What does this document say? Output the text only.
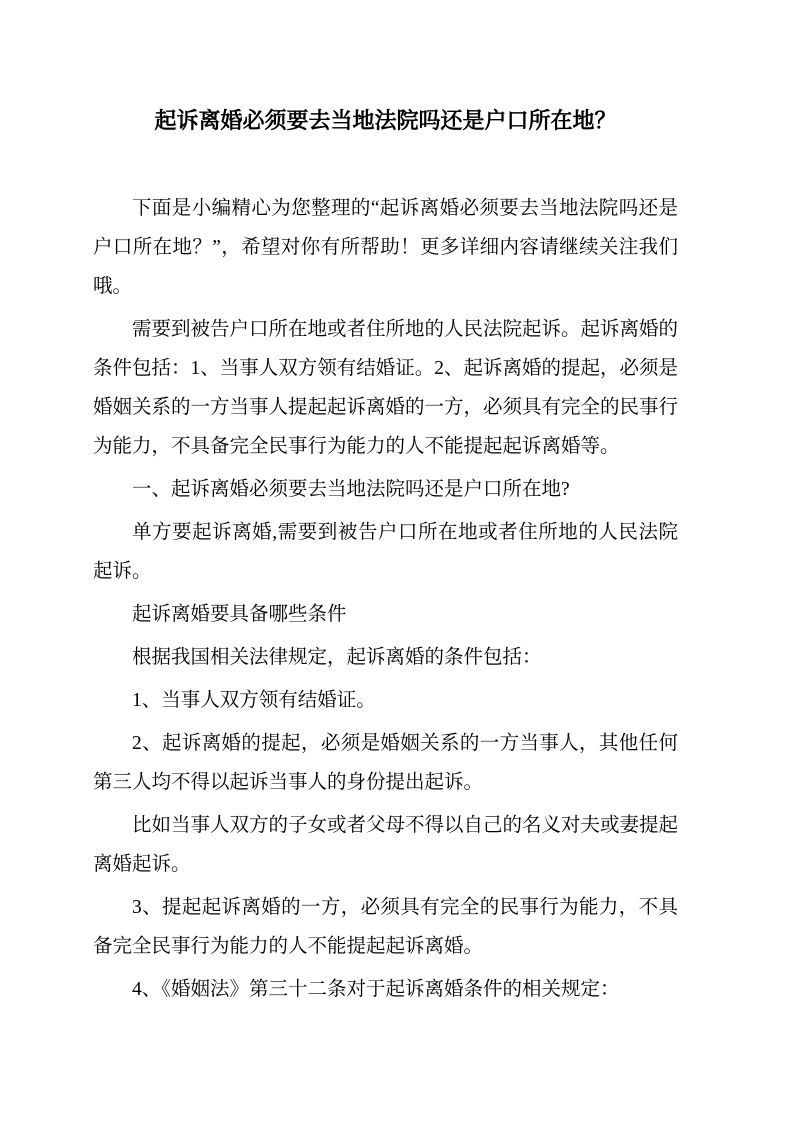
起诉离婚必须要去当地法院吗还是户口所在地？

下面是小编精心为您整理的“起诉离婚必须要去当地法院吗还是户口所在地？”，希望对你有所帮助！更多详细内容请继续关注我们哦。

需要到被告户口所在地或者住所地的人民法院起诉。起诉离婚的条件包括：1、当事人双方领有结婚证。2、起诉离婚的提起，必须是婚姻关系的一方当事人提起起诉离婚的一方，必须具有完全的民事行为能力，不具备完全民事行为能力的人不能提起起诉离婚等。

一、起诉离婚必须要去当地法院吗还是户口所在地?

单方要起诉离婚,需要到被告户口所在地或者住所地的人民法院起诉。

起诉离婚要具备哪些条件

根据我国相关法律规定，起诉离婚的条件包括：

1、当事人双方领有结婚证。

2、起诉离婚的提起，必须是婚姻关系的一方当事人，其他任何第三人均不得以起诉当事人的身份提出起诉。

比如当事人双方的子女或者父母不得以自己的名义对夫或妻提起离婚起诉。

3、提起起诉离婚的一方，必须具有完全的民事行为能力，不具备完全民事行为能力的人不能提起起诉离婚。

4、《婚姻法》第三十二条对于起诉离婚条件的相关规定：
